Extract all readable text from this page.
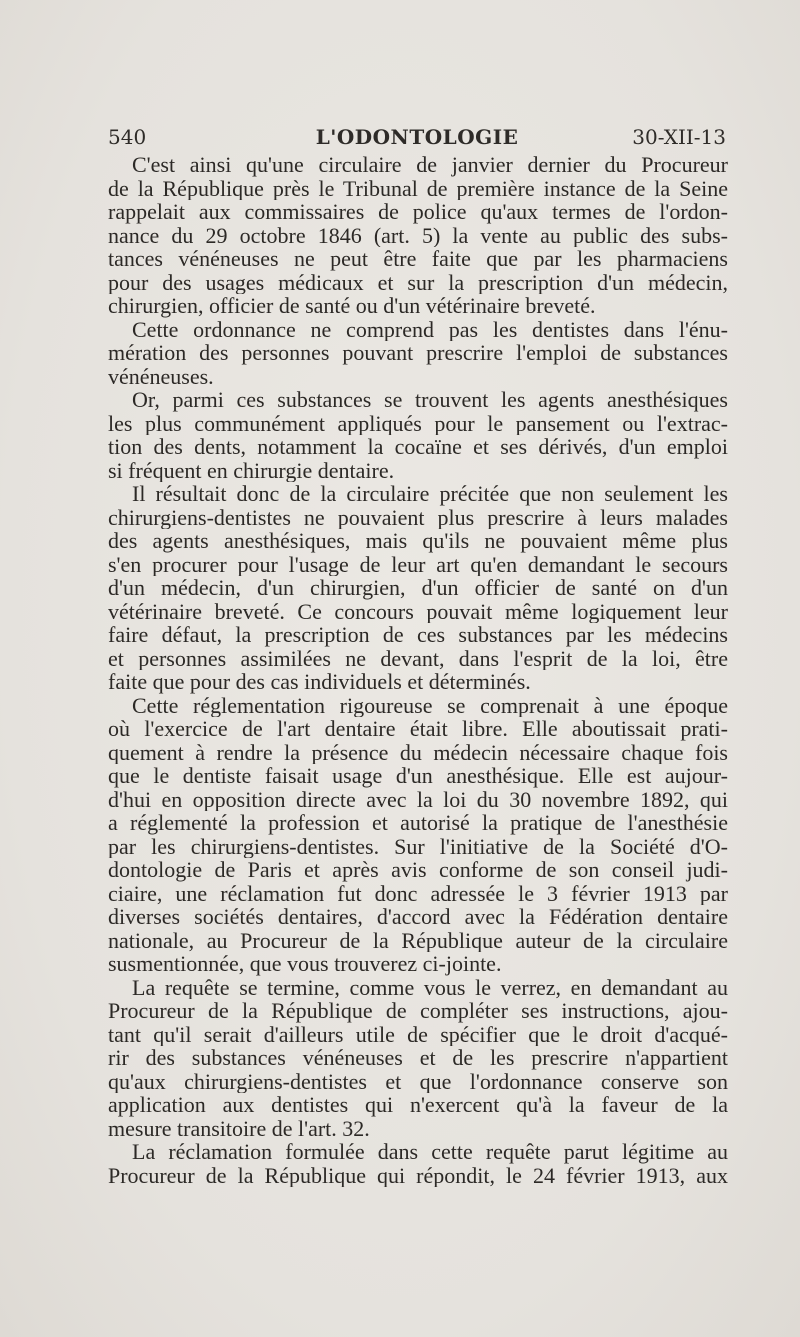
540	L'ODONTOLOGIE	30-XII-13
C'est ainsi qu'une circulaire de janvier dernier du Procureur
de la République près le Tribunal de première instance de la Seine
rappelait aux commissaires de police qu'aux termes de l'ordon-
nance du 29 octobre 1846 (art. 5) la vente au public des subs-
tances vénéneuses ne peut être faite que par les pharmaciens
pour des usages médicaux et sur la prescription d'un médecin,
chirurgien, officier de santé ou d'un vétérinaire breveté.
Cette ordonnance ne comprend pas les dentistes dans l'énu-
mération des personnes pouvant prescrire l'emploi de substances
vénéneuses.
Or, parmi ces substances se trouvent les agents anesthésiques
les plus communément appliqués pour le pansement ou l'extrac-
tion des dents, notamment la cocaïne et ses dérivés, d'un emploi
si fréquent en chirurgie dentaire.
Il résultait donc de la circulaire précitée que non seulement les
chirurgiens-dentistes ne pouvaient plus prescrire à leurs malades
des agents anesthésiques, mais qu'ils ne pouvaient même plus
s'en procurer pour l'usage de leur art qu'en demandant le secours
d'un médecin, d'un chirurgien, d'un officier de santé on d'un
vétérinaire breveté. Ce concours pouvait même logiquement leur
faire défaut, la prescription de ces substances par les médecins
et personnes assimilées ne devant, dans l'esprit de la loi, être
faite que pour des cas individuels et déterminés.
Cette réglementation rigoureuse se comprenait à une époque
où l'exercice de l'art dentaire était libre. Elle aboutissait prati-
quement à rendre la présence du médecin nécessaire chaque fois
que le dentiste faisait usage d'un anesthésique. Elle est aujour-
d'hui en opposition directe avec la loi du 30 novembre 1892, qui
a réglementé la profession et autorisé la pratique de l'anesthésie
par les chirurgiens-dentistes. Sur l'initiative de la Société d'O-
dontologie de Paris et après avis conforme de son conseil judi-
ciaire, une réclamation fut donc adressée le 3 février 1913 par
diverses sociétés dentaires, d'accord avec la Fédération dentaire
nationale, au Procureur de la République auteur de la circulaire
susmentionnée, que vous trouverez ci-jointe.
La requête se termine, comme vous le verrez, en demandant au
Procureur de la République de compléter ses instructions, ajou-
tant qu'il serait d'ailleurs utile de spécifier que le droit d'acqué-
rir des substances vénéneuses et de les prescrire n'appartient
qu'aux chirurgiens-dentistes et que l'ordonnance conserve son
application aux dentistes qui n'exercent qu'à la faveur de la
mesure transitoire de l'art. 32.
La réclamation formulée dans cette requête parut légitime au
Procureur de la République qui répondit, le 24 février 1913, aux
